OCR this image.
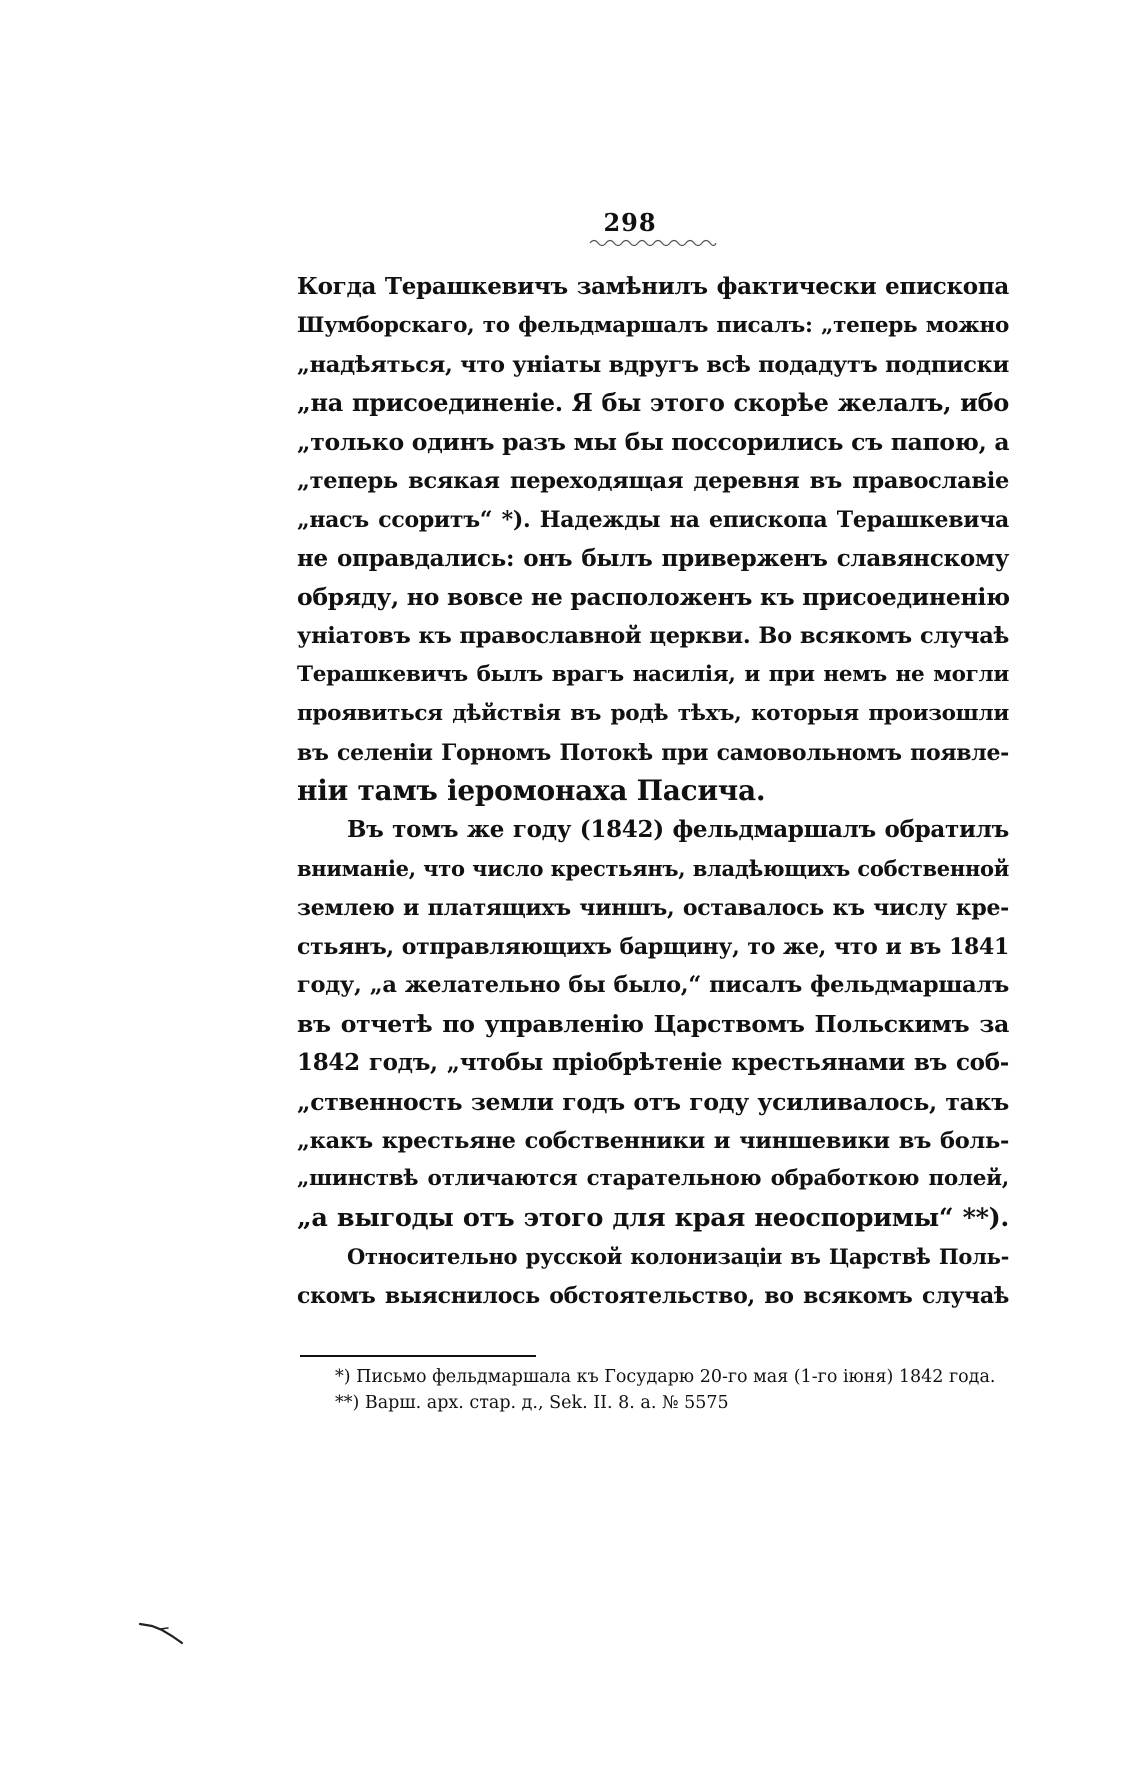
298
Когда Терашкевичъ замѣнилъ фактически епископа
Шумборскаго, то фельдмаршалъ писалъ: „теперь можно
„надѣяться, что уніаты вдругъ всѣ подадутъ подписки
„на присоединеніе. Я бы этого скорѣе желалъ, ибо
„только одинъ разъ мы бы поссорились съ папою, а
„теперь всякая переходящая деревня въ православіе
„насъ ссоритъ“ *). Надежды на епископа Терашкевича
не оправдались: онъ былъ приверженъ славянскому
обряду, но вовсе не расположенъ къ присоединенію
уніатовъ къ православной церкви. Во всякомъ случаѣ
Терашкевичъ былъ врагъ насилія, и при немъ не могли
проявиться дѣйствія въ родѣ тѣхъ, которыя произошли
въ селеніи Горномъ Потокѣ при самовольномъ появле-
ніи тамъ іеромонаха Пасича.
Въ томъ же году (1842) фельдмаршалъ обратилъ
вниманіе, что число крестьянъ, владѣющихъ собственной
землею и платящихъ чиншъ, оставалось къ числу кре-
стьянъ, отправляющихъ барщину, то же, что и въ 1841
году, „а желательно бы было,“ писалъ фельдмаршалъ
въ отчетѣ по управленію Царствомъ Польскимъ за
1842 годъ, „чтобы пріобрѣтеніе крестьянами въ соб-
„ственность земли годъ отъ году усиливалось, такъ
„какъ крестьяне собственники и чиншевики въ боль-
„шинствѣ отличаются старательною обработкою полей,
„а выгоды отъ этого для края неоспоримы“ **).
Относительно русской колонизаціи въ Царствѣ Поль-
скомъ выяснилось обстоятельство, во всякомъ случаѣ
*) Письмо фельдмаршала къ Государю 20-го мая (1-го іюня) 1842 года.
**) Варш. арх. стар. д., Sek. II. 8. a. № 5575
